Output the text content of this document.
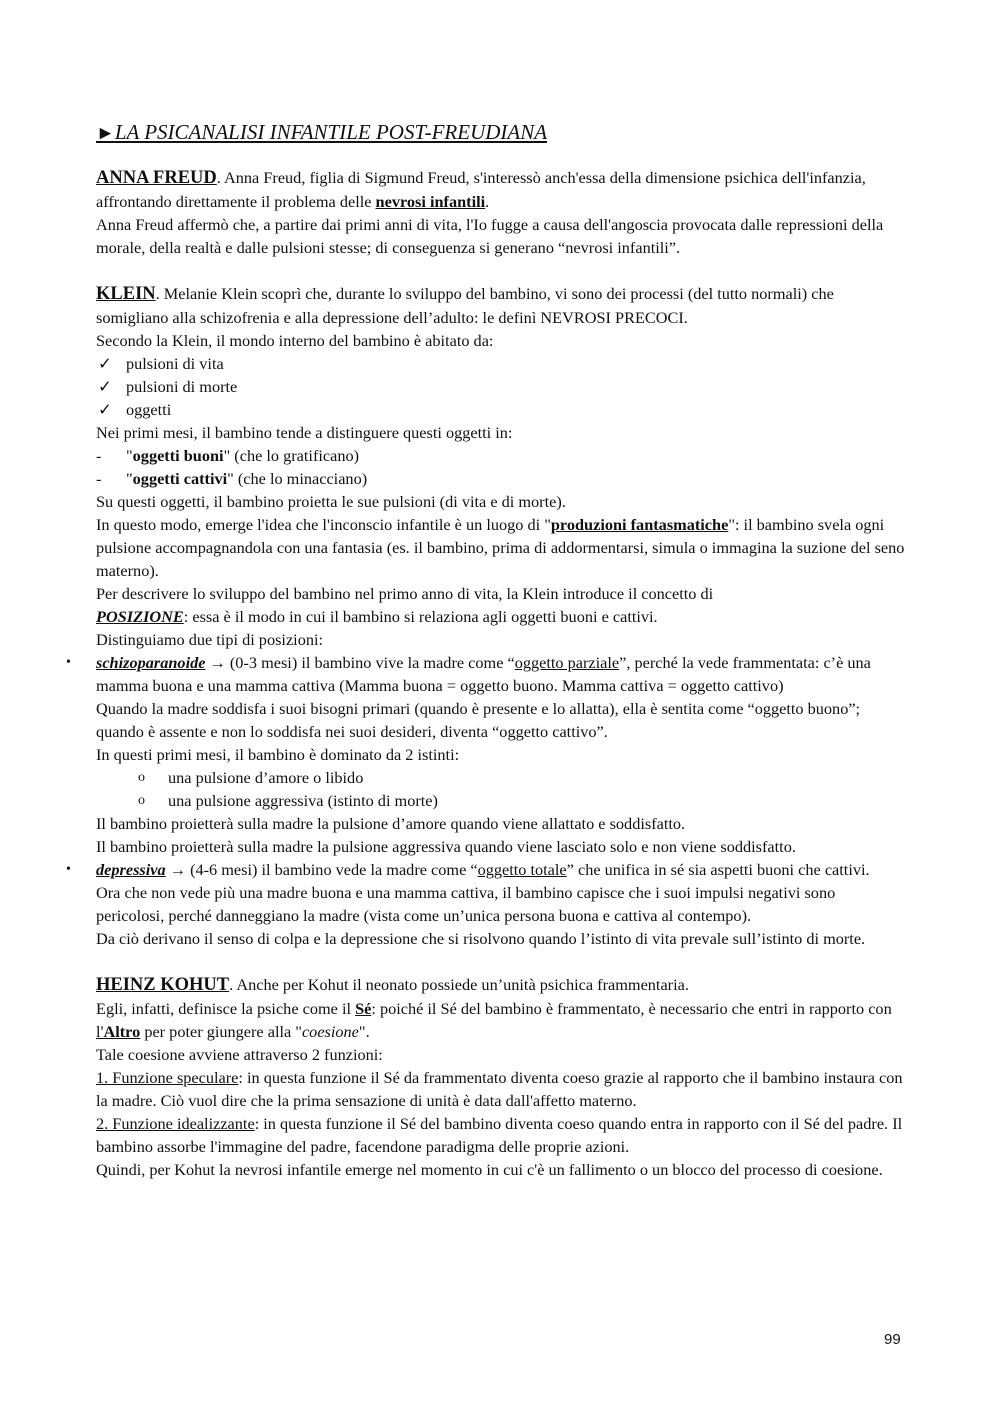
►LA PSICANALISI INFANTILE POST-FREUDIANA

ANNA FREUD. Anna Freud, figlia di Sigmund Freud, s'interessò anch'essa della dimensione psichica dell'infanzia, affrontando direttamente il problema delle nevrosi infantili.

Anna Freud affermò che, a partire dai primi anni di vita, l'Io fugge a causa dell'angoscia provocata dalle repressioni della morale, della realtà e dalle pulsioni stesse; di conseguenza si generano “nevrosi infantili”.

KLEIN. Melanie Klein scoprì che, durante lo sviluppo del bambino, vi sono dei processi (del tutto normali) che somigliano alla schizofrenia e alla depressione dell’adulto: le definì NEVROSI PRECOCI.

Secondo la Klein, il mondo interno del bambino è abitato da:

✓ pulsioni di vita
✓ pulsioni di morte
✓ oggetti

Nei primi mesi, il bambino tende a distinguere questi oggetti in:

- "oggetti buoni" (che lo gratificano)
- "oggetti cattivi" (che lo minacciano)

Su questi oggetti, il bambino proietta le sue pulsioni (di vita e di morte).

In questo modo, emerge l'idea che l'inconscio infantile è un luogo di "produzioni fantasmatiche": il bambino svela ogni pulsione accompagnandola con una fantasia (es. il bambino, prima di addormentarsi, simula o immagina la suzione del seno materno).

Per descrivere lo sviluppo del bambino nel primo anno di vita, la Klein introduce il concetto di

POSIZIONE: essa è il modo in cui il bambino si relaziona agli oggetti buoni e cattivi.

Distinguiamo due tipi di posizioni:

• schizoparanoide → (0-3 mesi) il bambino vive la madre come “oggetto parziale”, perché la vede frammentata: c’è una mamma buona e una mamma cattiva (Mamma buona = oggetto buono. Mamma cattiva = oggetto cattivo)

Quando la madre soddisfa i suoi bisogni primari (quando è presente e lo allatta), ella è sentita come “oggetto buono”; quando è assente e non lo soddisfa nei suoi desideri, diventa “oggetto cattivo”.

In questi primi mesi, il bambino è dominato da 2 istinti:

o una pulsione d’amore o libido
o una pulsione aggressiva (istinto di morte)

Il bambino proietterà sulla madre la pulsione d’amore quando viene allattato e soddisfatto.

Il bambino proietterà sulla madre la pulsione aggressiva quando viene lasciato solo e non viene soddisfatto.

• depressiva → (4-6 mesi) il bambino vede la madre come “oggetto totale” che unifica in sé sia aspetti buoni che cattivi.

Ora che non vede più una madre buona e una mamma cattiva, il bambino capisce che i suoi impulsi negativi sono pericolosi, perché danneggiano la madre (vista come un’unica persona buona e cattiva al contempo).

Da ciò derivano il senso di colpa e la depressione che si risolvono quando l’istinto di vita prevale sull’istinto di morte.

HEINZ KOHUT. Anche per Kohut il neonato possiede un’unità psichica frammentaria.

Egli, infatti, definisce la psiche come il Sé: poiché il Sé del bambino è frammentato, è necessario che entri in rapporto con l'Altro per poter giungere alla "coesione".

Tale coesione avviene attraverso 2 funzioni:

1. Funzione speculare: in questa funzione il Sé da frammentato diventa coeso grazie al rapporto che il bambino instaura con la madre. Ciò vuol dire che la prima sensazione di unità è data dall'affetto materno.

2. Funzione idealizzante: in questa funzione il Sé del bambino diventa coeso quando entra in rapporto con il Sé del padre. Il bambino assorbe l'immagine del padre, facendone paradigma delle proprie azioni.

Quindi, per Kohut la nevrosi infantile emerge nel momento in cui c'è un fallimento o un blocco del processo di coesione.

99
